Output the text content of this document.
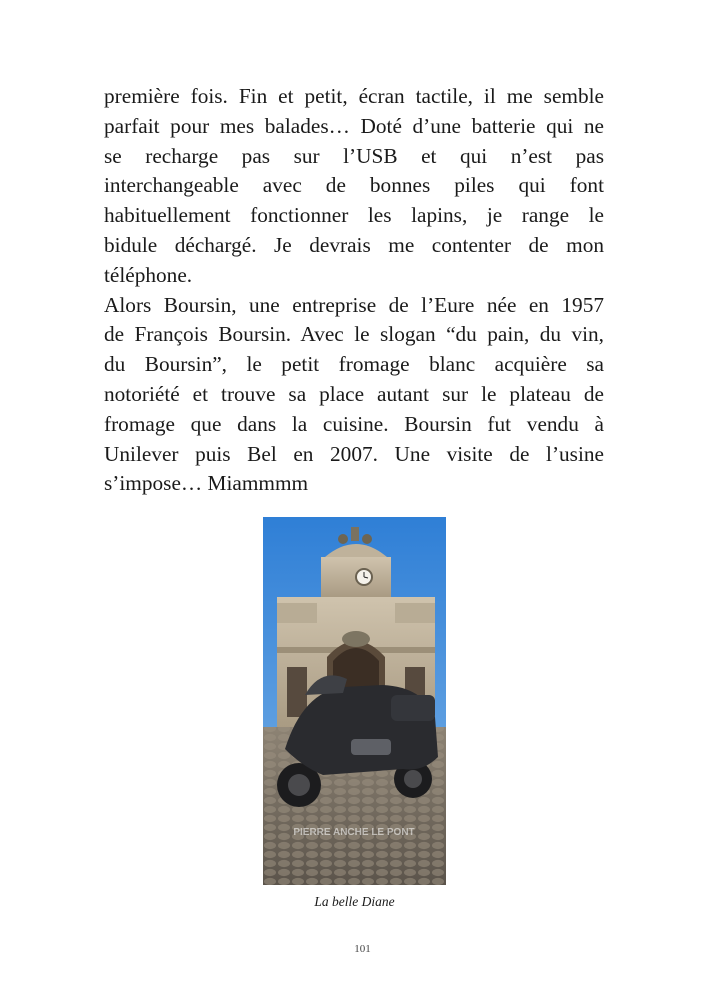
première fois. Fin et petit, écran tactile, il me semble
parfait pour mes balades… Doté d’une batterie qui ne
se recharge pas sur l’USB et qui n’est pas
interchangeable avec de bonnes piles qui font
habituellement fonctionner les lapins, je range le
bidule déchargé. Je devrais me contenter de mon
téléphone.
Alors Boursin, une entreprise de l’Eure née en 1957
de François Boursin. Avec le slogan “du pain, du vin,
du Boursin”, le petit fromage blanc acquière sa
notoriété et trouve sa place autant sur le plateau de
fromage que dans la cuisine. Boursin fut vendu à
Unilever puis Bel en 2007. Une visite de l’usine
s’impose… Miammmm
PIERRE ANCHE LE PONT
La belle Diane
101
